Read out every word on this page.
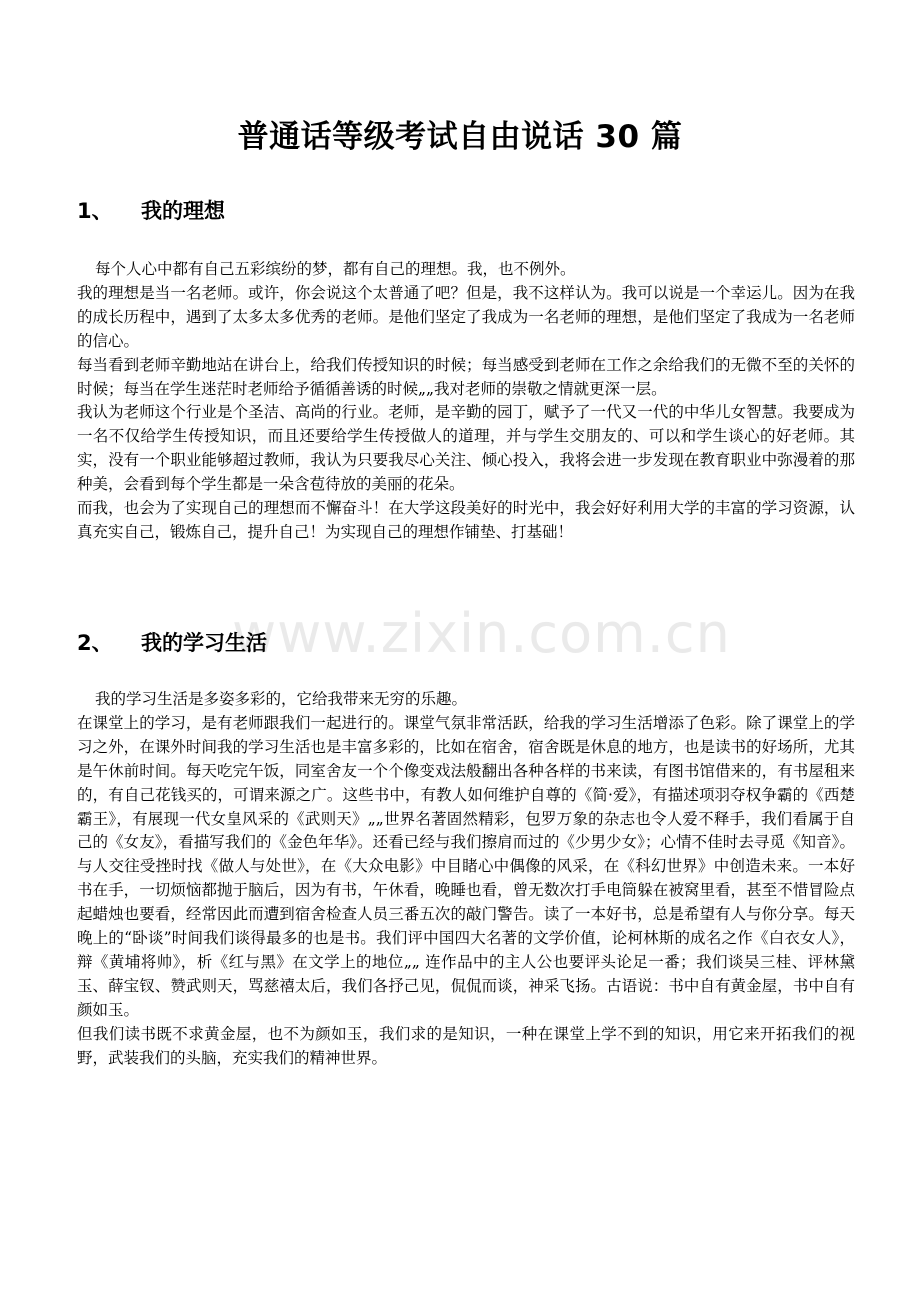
普通话等级考试自由说话 30 篇
1、 我的理想

每个人心中都有自己五彩缤纷的梦，都有自己的理想。我，也不例外。

我的理想是当一名老师。或许，你会说这个太普通了吧？但是，我不这样认为。我可以说是一个幸运儿。因为在我的成长历程中，遇到了太多太多优秀的老师。是他们坚定了我成为一名老师的理想，是他们坚定了我成为一名老师的信心。

每当看到老师辛勤地站在讲台上，给我们传授知识的时候；每当感受到老师在工作之余给我们的无微不至的关怀的时候；每当在学生迷茫时老师给予循循善诱的时候„„我对老师的崇敬之情就更深一层。

我认为老师这个行业是个圣洁、高尚的行业。老师，是辛勤的园丁，赋予了一代又一代的中华儿女智慧。我要成为一名不仅给学生传授知识，而且还要给学生传授做人的道理，并与学生交朋友的、可以和学生谈心的好老师。其实，没有一个职业能够超过教师，我认为只要我尽心关注、倾心投入，我将会进一步发现在教育职业中弥漫着的那种美，会看到每个学生都是一朵含苞待放的美丽的花朵。

而我，也会为了实现自己的理想而不懈奋斗！在大学这段美好的时光中，我会好好利用大学的丰富的学习资源，认真充实自己，锻炼自己，提升自己！为实现自己的理想作铺垫、打基础！

www.zixin.com.cn
2、 我的学习生活

我的学习生活是多姿多彩的，它给我带来无穷的乐趣。

在课堂上的学习，是有老师跟我们一起进行的。课堂气氛非常活跃，给我的学习生活增添了色彩。除了课堂上的学习之外，在课外时间我的学习生活也是丰富多彩的，比如在宿舍，宿舍既是休息的地方，也是读书的好场所，尤其是午休前时间。每天吃完午饭，同室舍友一个个像变戏法般翻出各种各样的书来读，有图书馆借来的，有书屋租来的，有自己花钱买的，可谓来源之广。这些书中，有教人如何维护自尊的《简·爱》，有描述项羽夺权争霸的《西楚霸王》，有展现一代女皇风采的《武则天》„„世界名著固然精彩，包罗万象的杂志也令人爱不释手，我们看属于自己的《女友》，看描写我们的《金色年华》。还看已经与我们擦肩而过的《少男少女》；心情不佳时去寻觅《知音》。与人交往受挫时找《做人与处世》，在《大众电影》中目睹心中偶像的风采，在《科幻世界》中创造未来。一本好书在手，一切烦恼都抛于脑后，因为有书，午休看，晚睡也看，曾无数次打手电筒躲在被窝里看，甚至不惜冒险点起蜡烛也要看，经常因此而遭到宿舍检查人员三番五次的敲门警告。读了一本好书，总是希望有人与你分享。每天晚上的“卧谈”时间我们谈得最多的也是书。我们评中国四大名著的文学价值，论柯林斯的成名之作《白衣女人》，辩《黄埔将帅》，析《红与黑》在文学上的地位„„ 连作品中的主人公也要评头论足一番；我们谈吴三桂、评林黛玉、薛宝钗、赞武则天，骂慈禧太后，我们各抒己见，侃侃而谈，神采飞扬。古语说：书中自有黄金屋，书中自有颜如玉。

但我们读书既不求黄金屋，也不为颜如玉，我们求的是知识，一种在课堂上学不到的知识，用它来开拓我们的视野，武装我们的头脑，充实我们的精神世界。
